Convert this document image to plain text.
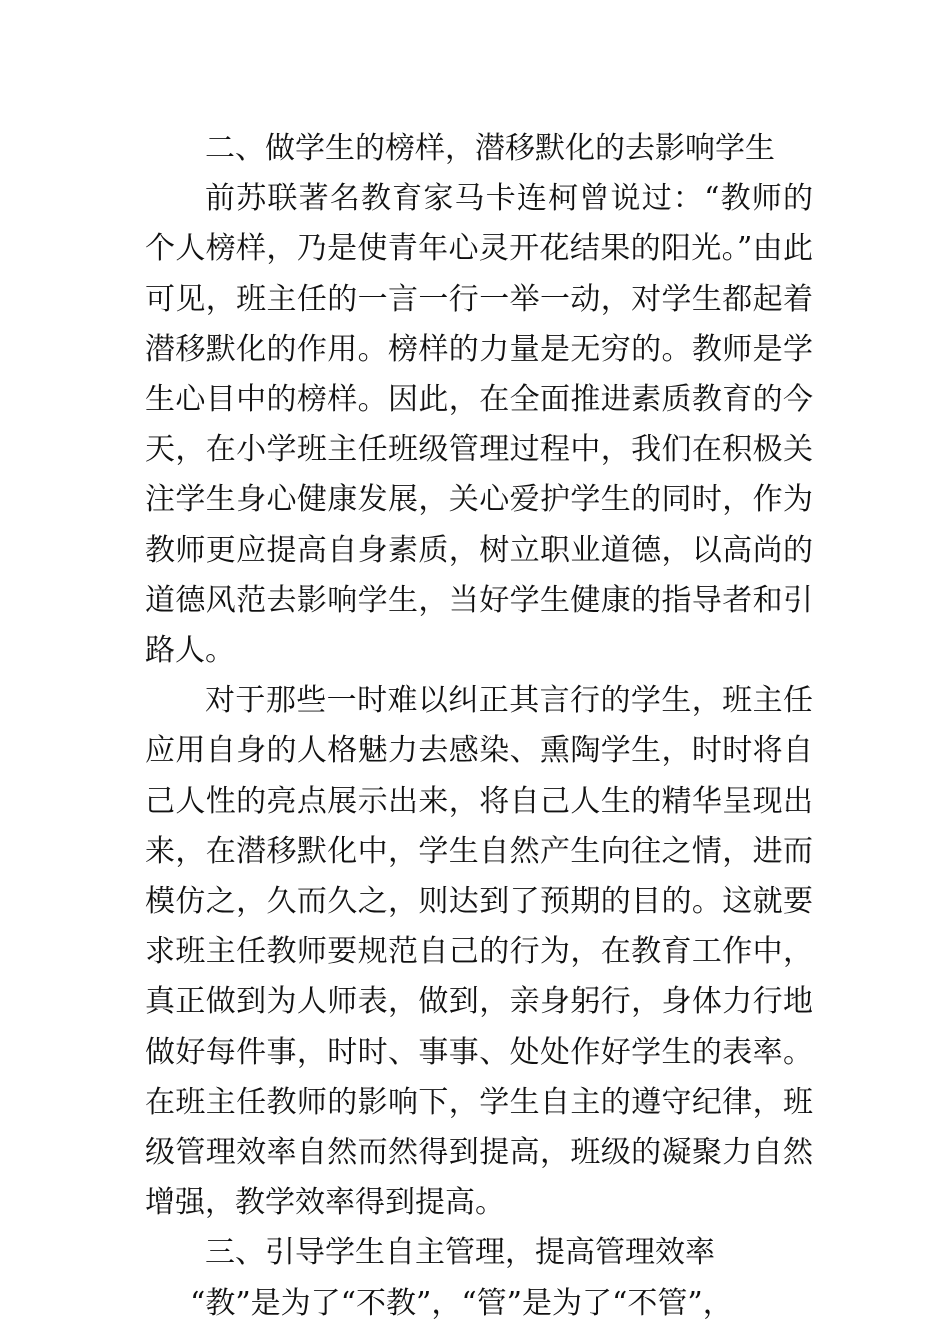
二、做学生的榜样，潜移默化的去影响学生

前苏联著名教育家马卡连柯曾说过：“教师的个人榜样，乃是使青年心灵开花结果的阳光。”由此可见，班主任的一言一行一举一动，对学生都起着潜移默化的作用。榜样的力量是无穷的。教师是学生心目中的榜样。因此，在全面推进素质教育的今天，在小学班主任班级管理过程中，我们在积极关注学生身心健康发展，关心爱护学生的同时，作为教师更应提高自身素质，树立职业道德，以高尚的道德风范去影响学生，当好学生健康的指导者和引路人。

对于那些一时难以纠正其言行的学生，班主任应用自身的人格魅力去感染、熏陶学生，时时将自己人性的亮点展示出来，将自己人生的精华呈现出来，在潜移默化中，学生自然产生向往之情，进而模仿之，久而久之，则达到了预期的目的。这就要求班主任教师要规范自己的行为，在教育工作中，真正做到为人师表，做到，亲身躬行，身体力行地做好每件事，时时、事事、处处作好学生的表率。在班主任教师的影响下，学生自主的遵守纪律，班级管理效率自然而然得到提高，班级的凝聚力自然增强，教学效率得到提高。

三、引导学生自主管理，提高管理效率

“教”是为了“不教”，“管”是为了“不管”，
